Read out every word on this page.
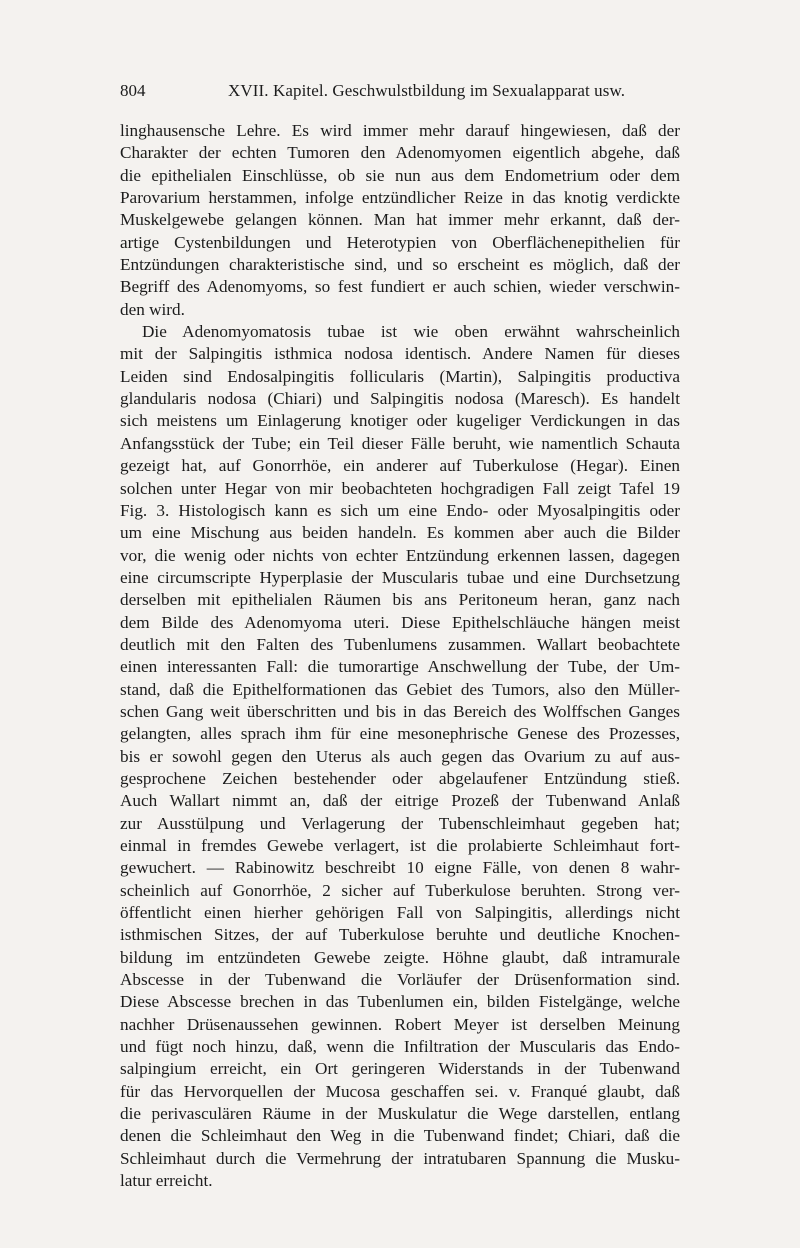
804	XVII. Kapitel. Geschwulstbildung im Sexualapparat usw.
linghausensche Lehre. Es wird immer mehr darauf hingewiesen, daß der
Charakter der echten Tumoren den Adenomyomen eigentlich abgehe, daß
die epithelialen Einschlüsse, ob sie nun aus dem Endometrium oder dem
Parovarium herstammen, infolge entzündlicher Reize in das knotig verdickte
Muskelgewebe gelangen können. Man hat immer mehr erkannt, daß der-
artige Cystenbildungen und Heterotypien von Oberflächenepithelien für
Entzündungen charakteristische sind, und so erscheint es möglich, daß der
Begriff des Adenomyoms, so fest fundiert er auch schien, wieder verschwin-
den wird.
Die Adenomyomatosis tubae ist wie oben erwähnt wahrscheinlich
mit der Salpingitis isthmica nodosa identisch. Andere Namen für dieses
Leiden sind Endosalpingitis follicularis (Martin), Salpingitis productiva
glandularis nodosa (Chiari) und Salpingitis nodosa (Maresch). Es handelt
sich meistens um Einlagerung knotiger oder kugeliger Verdickungen in das
Anfangsstück der Tube; ein Teil dieser Fälle beruht, wie namentlich Schauta
gezeigt hat, auf Gonorrhöe, ein anderer auf Tuberkulose (Hegar). Einen
solchen unter Hegar von mir beobachteten hochgradigen Fall zeigt Tafel 19
Fig. 3. Histologisch kann es sich um eine Endo- oder Myosalpingitis oder
um eine Mischung aus beiden handeln. Es kommen aber auch die Bilder
vor, die wenig oder nichts von echter Entzündung erkennen lassen, dagegen
eine circumscripte Hyperplasie der Muscularis tubae und eine Durchsetzung
derselben mit epithelialen Räumen bis ans Peritoneum heran, ganz nach
dem Bilde des Adenomyoma uteri. Diese Epithelschläuche hängen meist
deutlich mit den Falten des Tubenlumens zusammen. Wallart beobachtete
einen interessanten Fall: die tumorartige Anschwellung der Tube, der Um-
stand, daß die Epithelformationen das Gebiet des Tumors, also den Müller-
schen Gang weit überschritten und bis in das Bereich des Wolffschen Ganges
gelangten, alles sprach ihm für eine mesonephrische Genese des Prozesses,
bis er sowohl gegen den Uterus als auch gegen das Ovarium zu auf aus-
gesprochene Zeichen bestehender oder abgelaufener Entzündung stieß.
Auch Wallart nimmt an, daß der eitrige Prozeß der Tubenwand Anlaß
zur Ausstülpung und Verlagerung der Tubenschleimhaut gegeben hat;
einmal in fremdes Gewebe verlagert, ist die prolabierte Schleimhaut fort-
gewuchert. — Rabinowitz beschreibt 10 eigne Fälle, von denen 8 wahr-
scheinlich auf Gonorrhöe, 2 sicher auf Tuberkulose beruhten. Strong ver-
öffentlicht einen hierher gehörigen Fall von Salpingitis, allerdings nicht
isthmischen Sitzes, der auf Tuberkulose beruhte und deutliche Knochen-
bildung im entzündeten Gewebe zeigte. Höhne glaubt, daß intramurale
Abscesse in der Tubenwand die Vorläufer der Drüsenformation sind.
Diese Abscesse brechen in das Tubenlumen ein, bilden Fistelgänge, welche
nachher Drüsenaussehen gewinnen. Robert Meyer ist derselben Meinung
und fügt noch hinzu, daß, wenn die Infiltration der Muscularis das Endo-
salpingium erreicht, ein Ort geringeren Widerstands in der Tubenwand
für das Hervorquellen der Mucosa geschaffen sei. v. Franqué glaubt, daß
die perivasculären Räume in der Muskulatur die Wege darstellen, entlang
denen die Schleimhaut den Weg in die Tubenwand findet; Chiari, daß die
Schleimhaut durch die Vermehrung der intratubaren Spannung die Musku-
latur erreicht.
